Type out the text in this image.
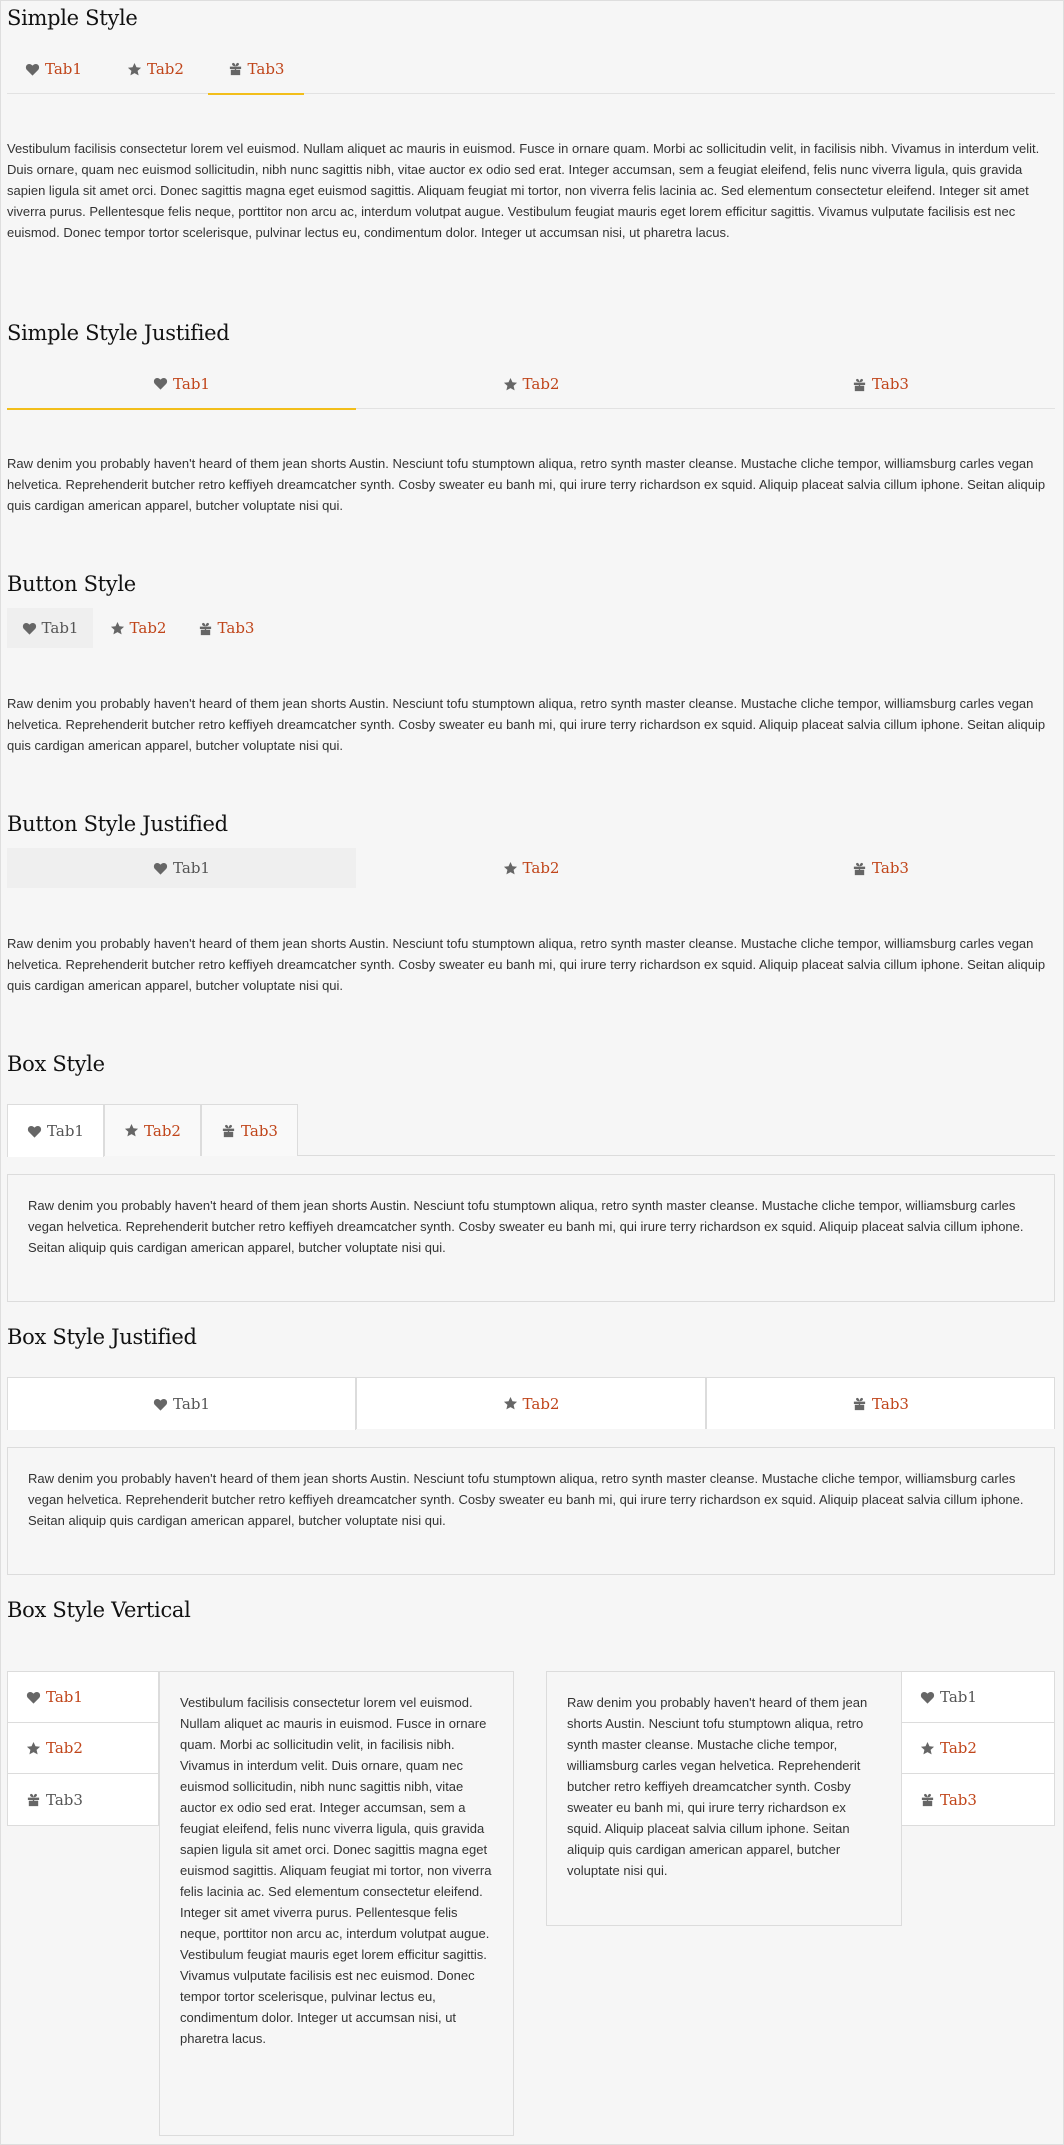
Simple Style
Tab1	Tab2	Tab3

Vestibulum facilisis consectetur lorem vel euismod. Nullam aliquet ac mauris in euismod. Fusce in ornare quam. Morbi ac sollicitudin velit, in facilisis nibh. Vivamus in interdum velit. Duis ornare, quam nec euismod sollicitudin, nibh nunc sagittis nibh, vitae auctor ex odio sed erat. Integer accumsan, sem a feugiat eleifend, felis nunc viverra ligula, quis gravida sapien ligula sit amet orci. Donec sagittis magna eget euismod sagittis. Aliquam feugiat mi tortor, non viverra felis lacinia ac. Sed elementum consectetur eleifend. Integer sit amet viverra purus. Pellentesque felis neque, porttitor non arcu ac, interdum volutpat augue. Vestibulum feugiat mauris eget lorem efficitur sagittis. Vivamus vulputate facilisis est nec euismod. Donec tempor tortor scelerisque, pulvinar lectus eu, condimentum dolor. Integer ut accumsan nisi, ut pharetra lacus.

Simple Style Justified
Tab1	Tab2	Tab3

Raw denim you probably haven't heard of them jean shorts Austin. Nesciunt tofu stumptown aliqua, retro synth master cleanse. Mustache cliche tempor, williamsburg carles vegan helvetica. Reprehenderit butcher retro keffiyeh dreamcatcher synth. Cosby sweater eu banh mi, qui irure terry richardson ex squid. Aliquip placeat salvia cillum iphone. Seitan aliquip quis cardigan american apparel, butcher voluptate nisi qui.

Button Style
Tab1	Tab2	Tab3

Raw denim you probably haven't heard of them jean shorts Austin. Nesciunt tofu stumptown aliqua, retro synth master cleanse. Mustache cliche tempor, williamsburg carles vegan helvetica. Reprehenderit butcher retro keffiyeh dreamcatcher synth. Cosby sweater eu banh mi, qui irure terry richardson ex squid. Aliquip placeat salvia cillum iphone. Seitan aliquip quis cardigan american apparel, butcher voluptate nisi qui.

Button Style Justified
Tab1	Tab2	Tab3

Raw denim you probably haven't heard of them jean shorts Austin. Nesciunt tofu stumptown aliqua, retro synth master cleanse. Mustache cliche tempor, williamsburg carles vegan helvetica. Reprehenderit butcher retro keffiyeh dreamcatcher synth. Cosby sweater eu banh mi, qui irure terry richardson ex squid. Aliquip placeat salvia cillum iphone. Seitan aliquip quis cardigan american apparel, butcher voluptate nisi qui.

Box Style
Tab1	Tab2	Tab3

Raw denim you probably haven't heard of them jean shorts Austin. Nesciunt tofu stumptown aliqua, retro synth master cleanse. Mustache cliche tempor, williamsburg carles vegan helvetica. Reprehenderit butcher retro keffiyeh dreamcatcher synth. Cosby sweater eu banh mi, qui irure terry richardson ex squid. Aliquip placeat salvia cillum iphone. Seitan aliquip quis cardigan american apparel, butcher voluptate nisi qui.

Box Style Justified
Tab1	Tab2	Tab3

Raw denim you probably haven't heard of them jean shorts Austin. Nesciunt tofu stumptown aliqua, retro synth master cleanse. Mustache cliche tempor, williamsburg carles vegan helvetica. Reprehenderit butcher retro keffiyeh dreamcatcher synth. Cosby sweater eu banh mi, qui irure terry richardson ex squid. Aliquip placeat salvia cillum iphone. Seitan aliquip quis cardigan american apparel, butcher voluptate nisi qui.

Box Style Vertical
Tab1
Tab2
Tab3

Vestibulum facilisis consectetur lorem vel euismod. Nullam aliquet ac mauris in euismod. Fusce in ornare quam. Morbi ac sollicitudin velit, in facilisis nibh. Vivamus in interdum velit. Duis ornare, quam nec euismod sollicitudin, nibh nunc sagittis nibh, vitae auctor ex odio sed erat. Integer accumsan, sem a feugiat eleifend, felis nunc viverra ligula, quis gravida sapien ligula sit amet orci. Donec sagittis magna eget euismod sagittis. Aliquam feugiat mi tortor, non viverra felis lacinia ac. Sed elementum consectetur eleifend. Integer sit amet viverra purus. Pellentesque felis neque, porttitor non arcu ac, interdum volutpat augue. Vestibulum feugiat mauris eget lorem efficitur sagittis. Vivamus vulputate facilisis est nec euismod. Donec tempor tortor scelerisque, pulvinar lectus eu, condimentum dolor. Integer ut accumsan nisi, ut pharetra lacus.

Raw denim you probably haven't heard of them jean shorts Austin. Nesciunt tofu stumptown aliqua, retro synth master cleanse. Mustache cliche tempor, williamsburg carles vegan helvetica. Reprehenderit butcher retro keffiyeh dreamcatcher synth. Cosby sweater eu banh mi, qui irure terry richardson ex squid. Aliquip placeat salvia cillum iphone. Seitan aliquip quis cardigan american apparel, butcher voluptate nisi qui.

Tab1
Tab2
Tab3
